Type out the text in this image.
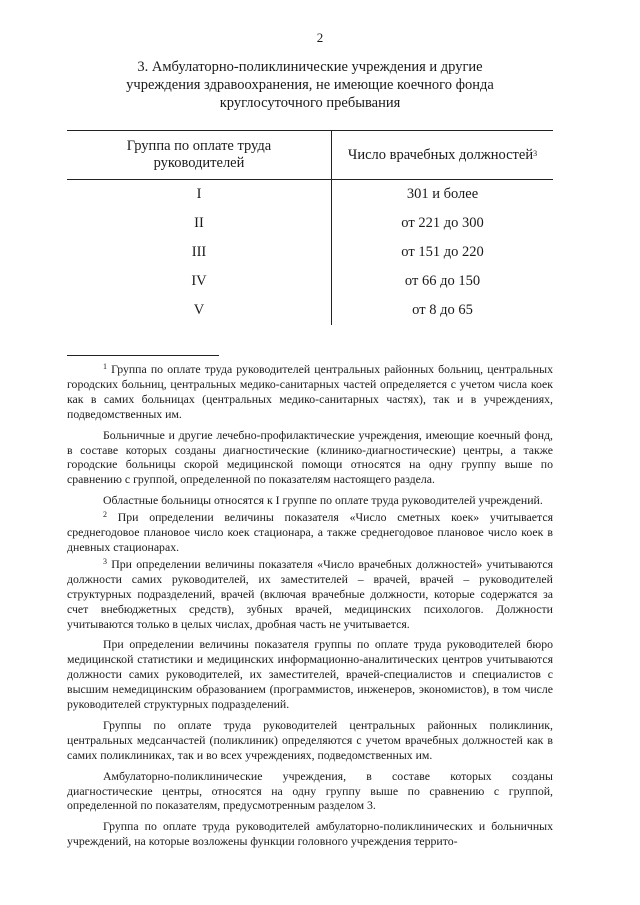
2
3. Амбулаторно-поликлинические учреждения и другие
учреждения здравоохранения, не имеющие коечного фонда
круглосуточного пребывания
Группа по оплате труда
руководителей	Число врачебных должностей$^3$
I	301 и более
II	от 221 до 300
III	от 151 до 220
IV	от 66 до 150
V	от 8 до 65

$^1$ Группа по оплате труда руководителей центральных районных больниц, центральных городских больниц, центральных медико-санитарных частей определяется с учетом числа коек как в самих больницах (центральных медико-санитарных частях), так и в учреждениях, подведомственных им.

Больничные и другие лечебно-профилактические учреждения, имеющие коечный фонд, в составе которых созданы диагностические (клинико-диагностические) центры, а также городские больницы скорой медицинской помощи относятся на одну группу выше по сравнению с группой, определенной по показателям настоящего раздела.

Областные больницы относятся к I группе по оплате труда руководителей учреждений.

$^2$ При определении величины показателя «Число сметных коек» учитывается среднегодовое плановое число коек стационара, а также среднегодовое плановое число коек в дневных стационарах.

$^3$ При определении величины показателя «Число врачебных должностей» учитываются должности самих руководителей, их заместителей – врачей, врачей – руководителей структурных подразделений, врачей (включая врачебные должности, которые содержатся за счет внебюджетных средств), зубных врачей, медицинских психологов. Должности учитываются только в целых числах, дробная часть не учитывается.

При определении величины показателя группы по оплате труда руководителей бюро медицинской статистики и медицинских информационно-аналитических центров учитываются должности самих руководителей, их заместителей, врачей-специалистов и специалистов с высшим немедицинским образованием (программистов, инженеров, экономистов), в том числе руководителей структурных подразделений.

Группы по оплате труда руководителей центральных районных поликлиник, центральных медсанчастей (поликлиник) определяются с учетом врачебных должностей как в самих поликлиниках, так и во всех учреждениях, подведомственных им.

Амбулаторно-поликлинические учреждения, в составе которых созданы диагностические центры, относятся на одну группу выше по сравнению с группой, определенной по показателям, предусмотренным разделом 3.

Группа по оплате труда руководителей амбулаторно-поликлинических и больничных учреждений, на которые возложены функции головного учреждения террито-
